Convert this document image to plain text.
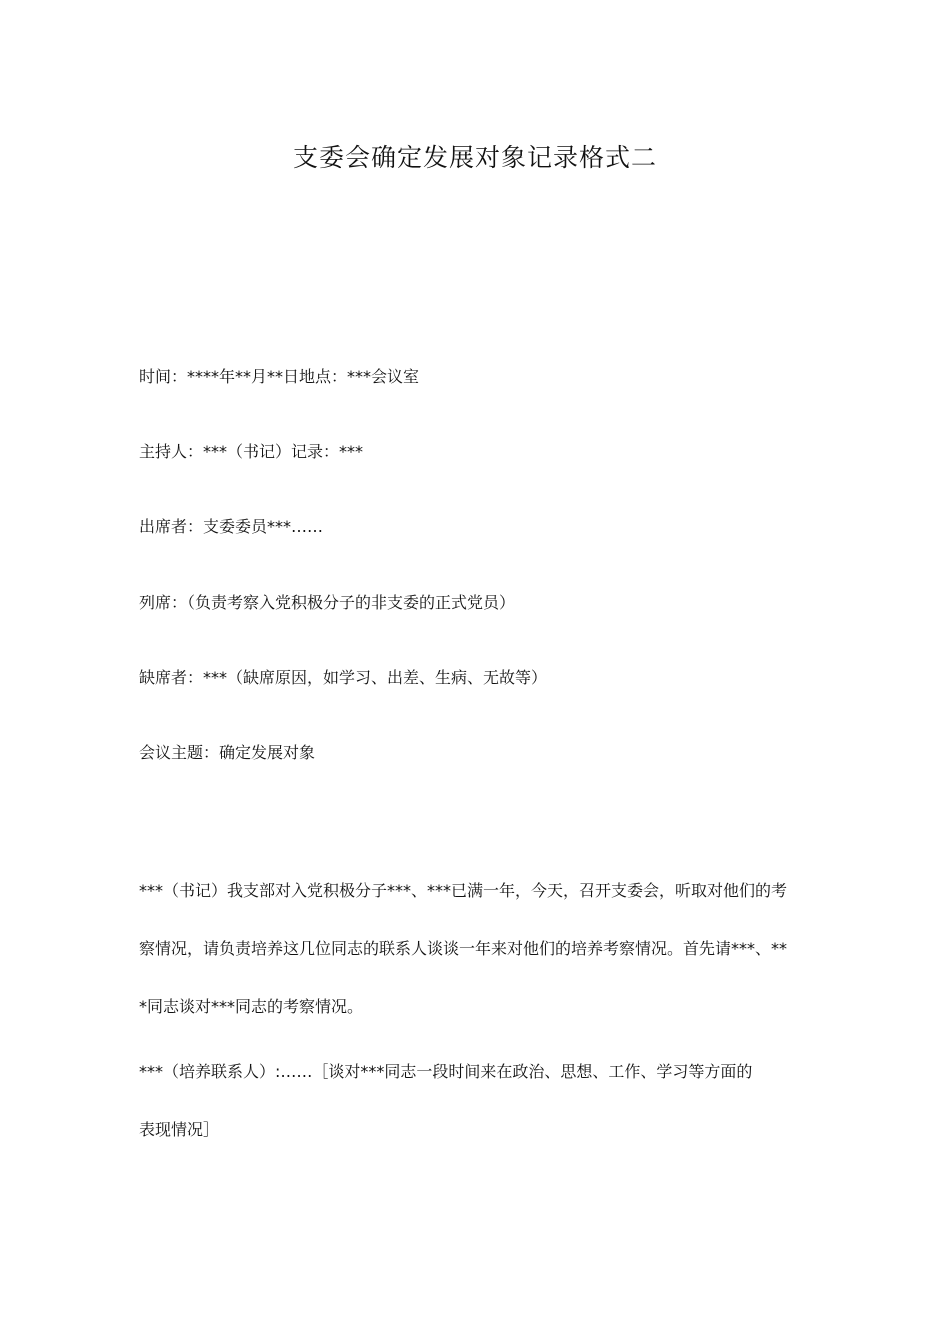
支委会确定发展对象记录格式二
时间：****年**月**日地点：***会议室
主持人：***（书记）记录：***
出席者：支委委员***……
列席：（负责考察入党积极分子的非支委的正式党员）
缺席者：***（缺席原因，如学习、出差、生病、无故等）
会议主题：确定发展对象
***（书记）我支部对入党积极分子***、***已满一年，今天，召开支委会，听取对他们的考
察情况，请负责培养这几位同志的联系人谈谈一年来对他们的培养考察情况。首先请***、**
*同志谈对***同志的考察情况。
***（培养联系人）:……［谈对***同志一段时间来在政治、思想、工作、学习等方面的
表现情况］
